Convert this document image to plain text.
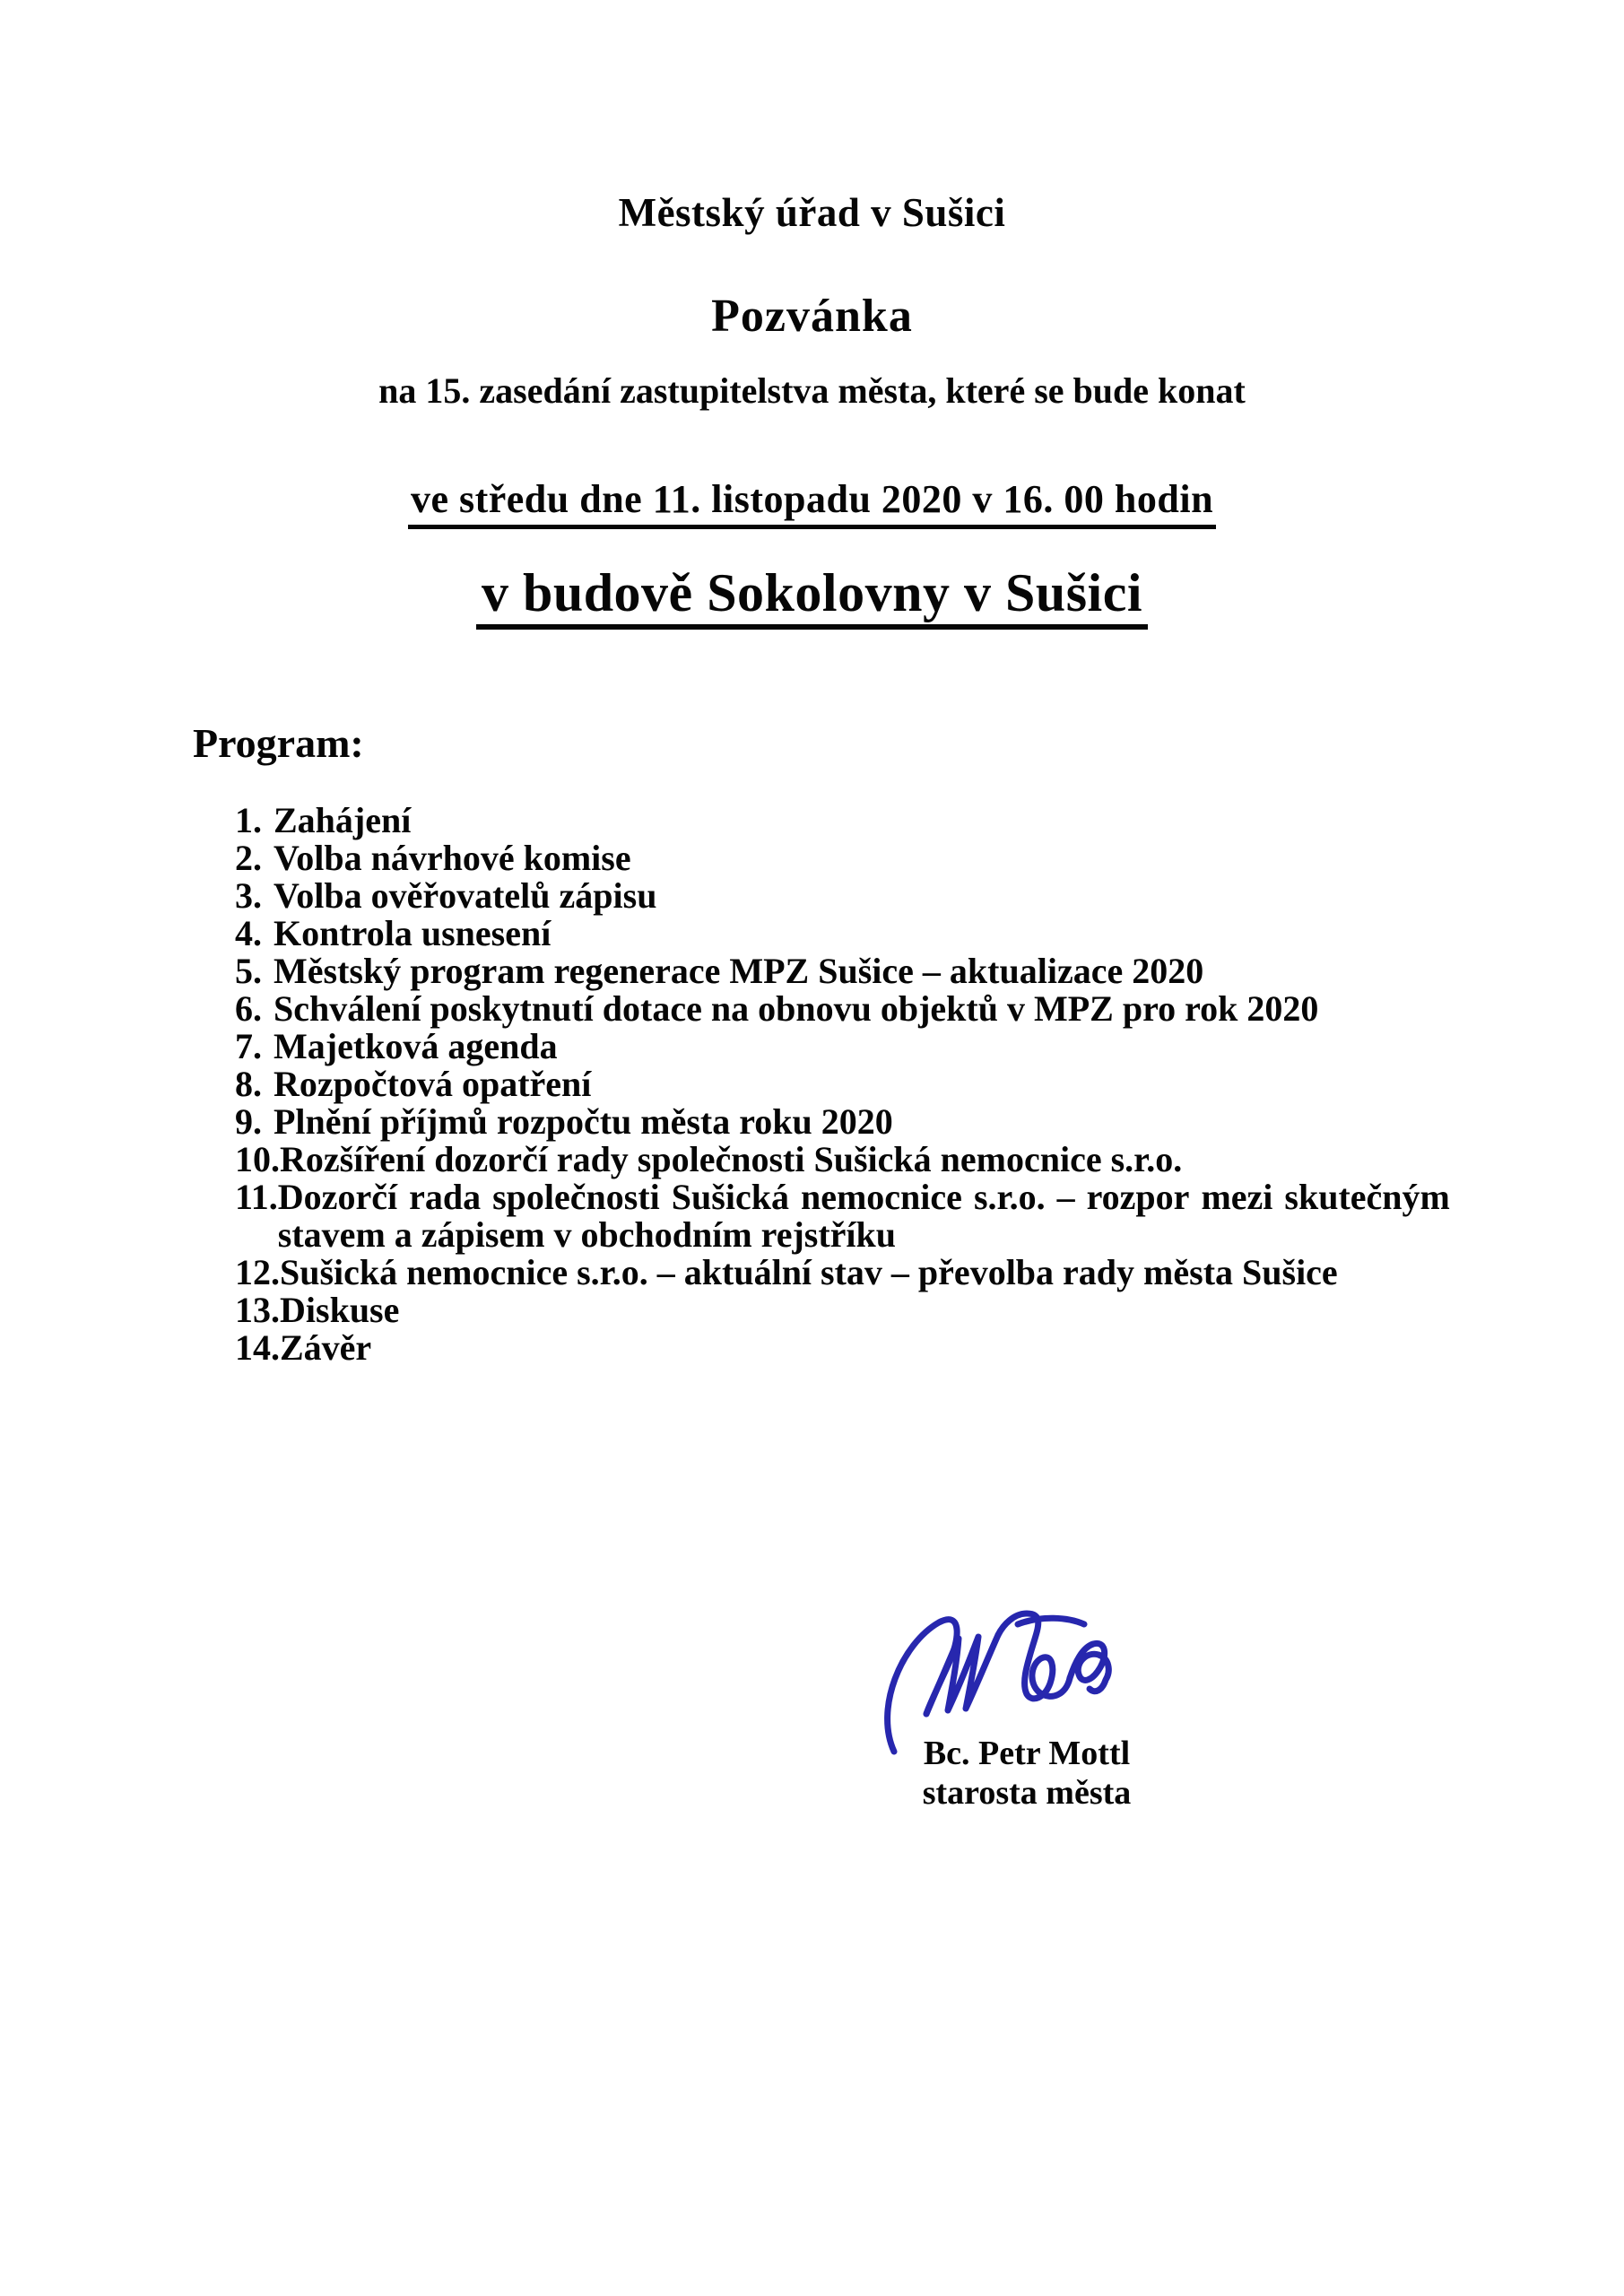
Městský úřad v Sušici
Pozvánka
na 15. zasedání zastupitelstva města, které se bude konat
ve středu dne 11. listopadu 2020 v 16. 00 hodin
v budově Sokolovny v Sušici
Program:
1. Zahájení
2. Volba návrhové komise
3. Volba ověřovatelů zápisu
4. Kontrola usnesení
5. Městský program regenerace MPZ Sušice – aktualizace 2020
6. Schválení poskytnutí dotace na obnovu objektů v MPZ pro rok 2020
7. Majetková agenda
8. Rozpočtová opatření
9. Plnění příjmů rozpočtu města roku 2020
10. Rozšíření dozorčí rady společnosti Sušická nemocnice s.r.o.
11. Dozorčí rada společnosti Sušická nemocnice s.r.o. – rozpor mezi skutečným
stavem a zápisem v obchodním rejstříku
12. Sušická nemocnice s.r.o. – aktuální stav – převolba rady města Sušice
13. Diskuse
14. Závěr
Bc. Petr Mottl
starosta města
